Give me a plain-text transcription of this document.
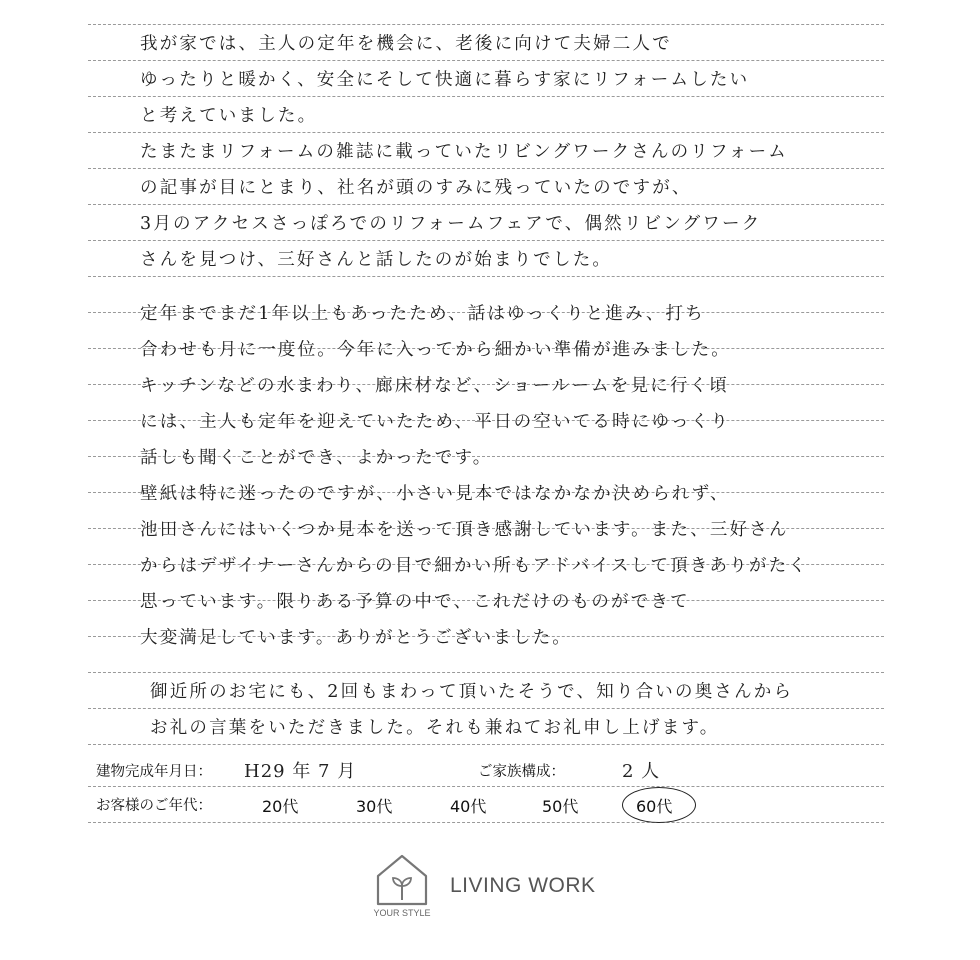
我が家では、主人の定年を機会に、老後に向けて夫婦二人で
ゆったりと暖かく、安全にそして快適に暮らす家にリフォームしたい
と考えていました。
たまたまリフォームの雑誌に載っていたリビングワークさんのリフォーム
の記事が目にとまり、社名が頭のすみに残っていたのですが、
3月のアクセスさっぽろでのリフォームフェアで、偶然リビングワーク
さんを見つけ、三好さんと話したのが始まりでした。
定年までまだ1年以上もあったため、話はゆっくりと進み、打ち
合わせも月に一度位。今年に入ってから細かい準備が進みました。
キッチンなどの水まわり、廊床材など、ショールームを見に行く頃
には、主人も定年を迎えていたため、平日の空いてる時にゆっくり
話しも聞くことができ、よかったです。
壁紙は特に迷ったのですが、小さい見本ではなかなか決められず、
池田さんにはいくつか見本を送って頂き感謝しています。また、三好さん
からはデザイナーさんからの目で細かい所もアドバイスして頂きありがたく
思っています。限りある予算の中で、これだけのものができて
大変満足しています。ありがとうございました。
御近所のお宅にも、2回もまわって頂いたそうで、知り合いの奥さんから
お礼の言葉をいただきました。それも兼ねてお礼申し上げます。
建物完成年月日： H29 年 7 月	ご家族構成：	2 人
お客様のご年代：	20代	30代	40代	50代	60代
YOUR STYLE
LIVING WORK
